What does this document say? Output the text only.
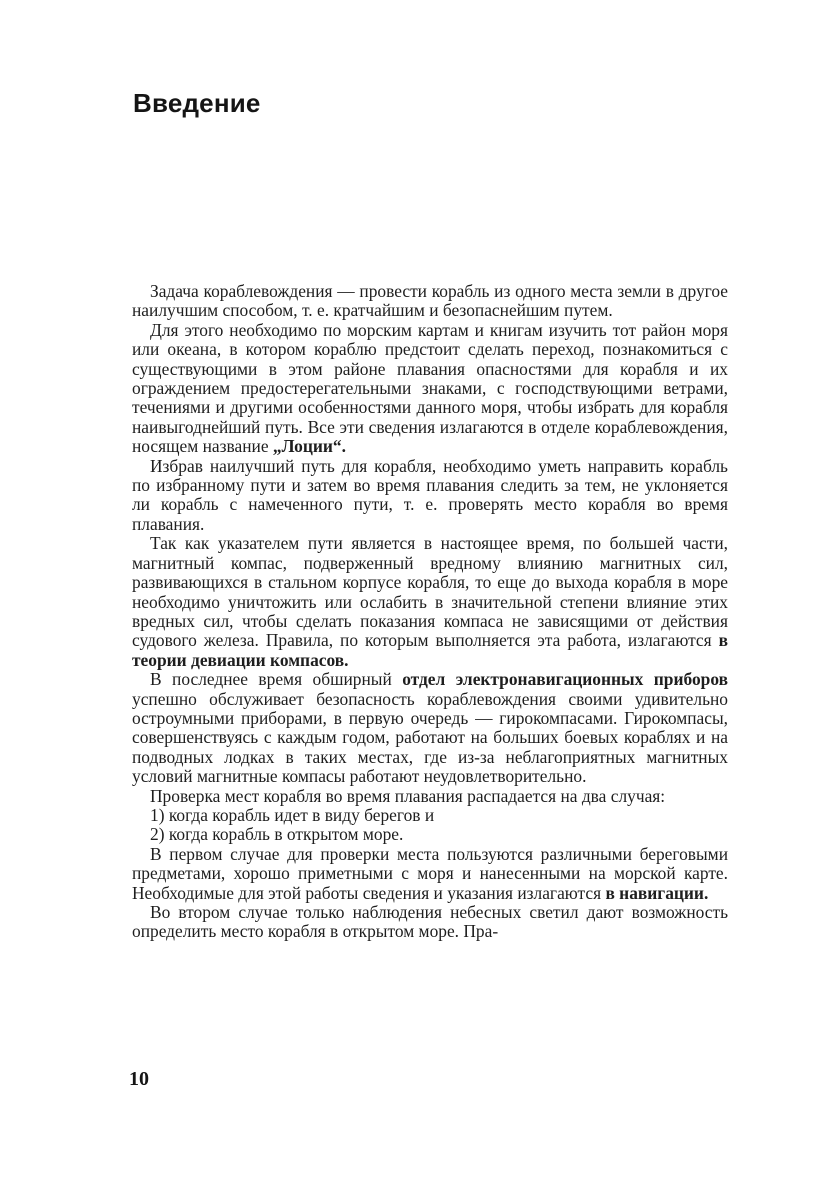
Введение

Задача кораблевождения — провести корабль из одного места земли в другое наилучшим способом, т. е. кратчайшим и безопаснейшим путем.

Для этого необходимо по морским картам и книгам изучить тот район моря или океана, в котором кораблю предстоит сделать переход, познакомиться с существующими в этом районе плавания опасностями для корабля и их ограждением предостерегательными знаками, с господствующими ветрами, течениями и другими особенностями данного моря, чтобы избрать для корабля наивыгоднейший путь. Все эти сведения излагаются в отделе кораблевождения, носящем название „Лоции“.

Избрав наилучший путь для корабля, необходимо уметь направить корабль по избранному пути и затем во время плавания следить за тем, не уклоняется ли корабль с намеченного пути, т. е. проверять место корабля во время плавания.

Так как указателем пути является в настоящее время, по большей части, магнитный компас, подверженный вредному влиянию магнитных сил, развивающихся в стальном корпусе корабля, то еще до выхода корабля в море необходимо уничтожить или ослабить в значительной степени влияние этих вредных сил, чтобы сделать показания компаса не зависящими от действия судового железа. Правила, по которым выполняется эта работа, излагаются в теории девиации компасов.

В последнее время обширный отдел электронавигационных приборов успешно обслуживает безопасность кораблевождения своими удивительно остроумными приборами, в первую очередь — гирокомпасами. Гирокомпасы, совершенствуясь с каждым годом, работают на больших боевых кораблях и на подводных лодках в таких местах, где из-за неблагоприятных магнитных условий магнитные компасы работают неудовлетворительно.

Проверка мест корабля во время плавания распадается на два случая:

1) когда корабль идет в виду берегов и

2) когда корабль в открытом море.

В первом случае для проверки места пользуются различными береговыми предметами, хорошо приметными с моря и нанесенными на морской карте. Необходимые для этой работы сведения и указания излагаются в навигации.

Во втором случае только наблюдения небесных светил дают возможность определить место корабля в открытом море. Пра-

10
